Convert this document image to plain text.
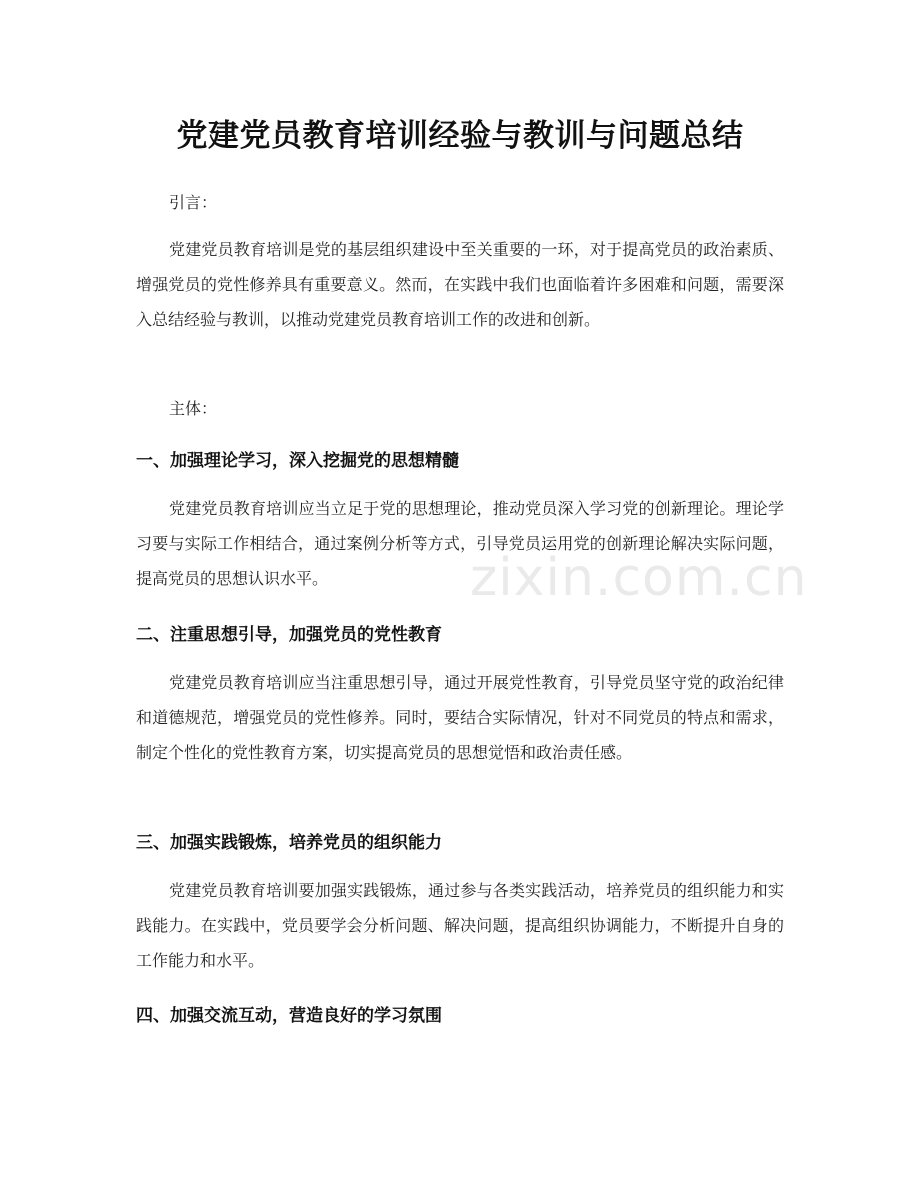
党建党员教育培训经验与教训与问题总结
引言：
党建党员教育培训是党的基层组织建设中至关重要的一环，对于提高党员的政治素质、增强党员的党性修养具有重要意义。然而，在实践中我们也面临着许多困难和问题，需要深入总结经验与教训，以推动党建党员教育培训工作的改进和创新。
主体：
一、加强理论学习，深入挖掘党的思想精髓
党建党员教育培训应当立足于党的思想理论，推动党员深入学习党的创新理论。理论学习要与实际工作相结合，通过案例分析等方式，引导党员运用党的创新理论解决实际问题，提高党员的思想认识水平。
二、注重思想引导，加强党员的党性教育
党建党员教育培训应当注重思想引导，通过开展党性教育，引导党员坚守党的政治纪律和道德规范，增强党员的党性修养。同时，要结合实际情况，针对不同党员的特点和需求，制定个性化的党性教育方案，切实提高党员的思想觉悟和政治责任感。
三、加强实践锻炼，培养党员的组织能力
党建党员教育培训要加强实践锻炼，通过参与各类实践活动，培养党员的组织能力和实践能力。在实践中，党员要学会分析问题、解决问题，提高组织协调能力，不断提升自身的工作能力和水平。
四、加强交流互动，营造良好的学习氛围
zixin.com.cn
